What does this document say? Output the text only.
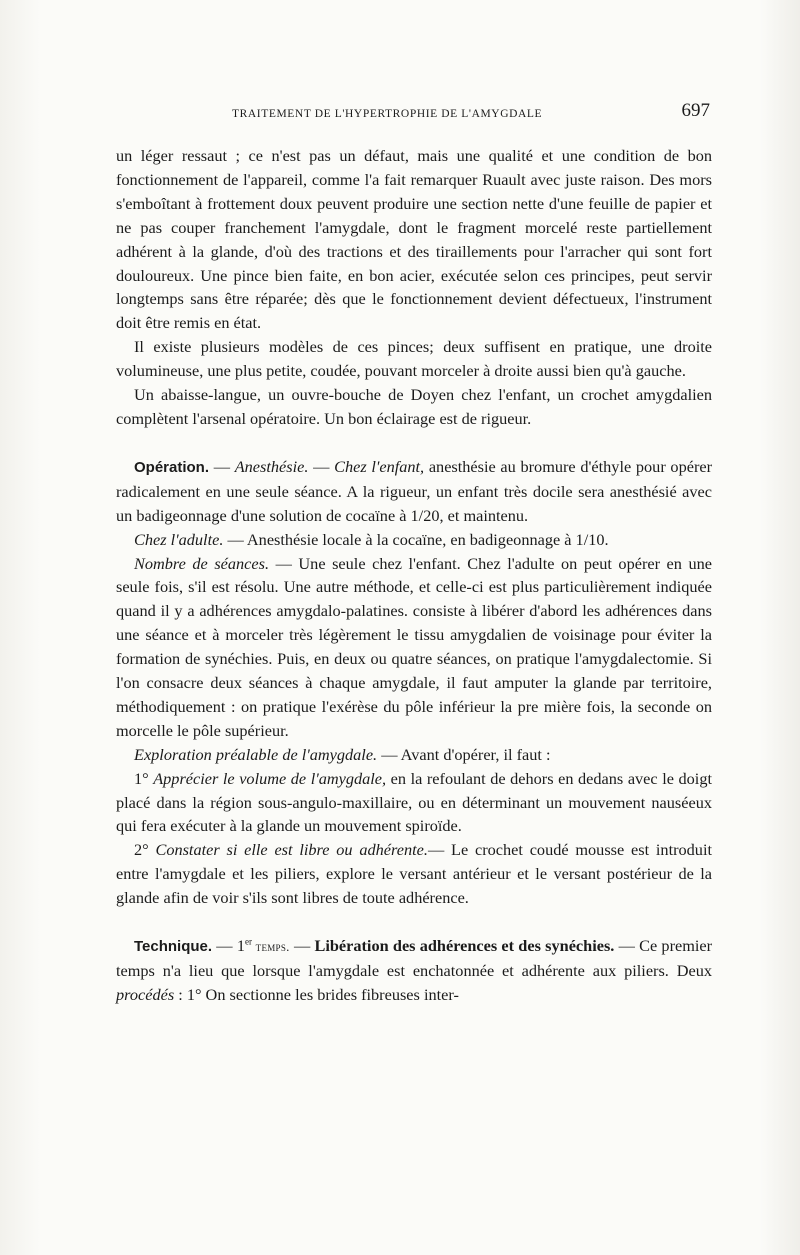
TRAITEMENT DE L'HYPERTROPHIE DE L'AMYGDALE	697

un léger ressaut ; ce n'est pas un défaut, mais une qualité et une condition de bon fonctionnement de l'appareil, comme l'a fait remarquer Ruault avec juste raison. Des mors s'emboîtant à frottement doux peuvent produire une section nette d'une feuille de papier et ne pas couper franchement l'amygdale, dont le fragment morcelé reste partiellement adhérent à la glande, d'où des tractions et des tiraillements pour l'arracher qui sont fort douloureux. Une pince bien faite, en bon acier, exécutée selon ces principes, peut servir longtemps sans être réparée; dès que le fonctionnement devient défectueux, l'instrument doit être remis en état.

Il existe plusieurs modèles de ces pinces; deux suffisent en pratique, une droite volumineuse, une plus petite, coudée, pouvant morceler à droite aussi bien qu'à gauche.

Un abaisse-langue, un ouvre-bouche de Doyen chez l'enfant, un crochet amygdalien complètent l'arsenal opératoire. Un bon éclairage est de rigueur.

Opération. — Anesthésie. — Chez l'enfant, anesthésie au bromure d'éthyle pour opérer radicalement en une seule séance. A la rigueur, un enfant très docile sera anesthésié avec un badigeonnage d'une solution de cocaïne à 1/20, et maintenu.

Chez l'adulte. — Anesthésie locale à la cocaïne, en badigeonnage à 1/10.

Nombre de séances. — Une seule chez l'enfant. Chez l'adulte on peut opérer en une seule fois, s'il est résolu. Une autre méthode, et celle-ci est plus particulièrement indiquée quand il y a adhérences amygdalo-palatines. consiste à libérer d'abord les adhérences dans une séance et à morceler très légèrement le tissu amygdalien de voisinage pour éviter la formation de synéchies. Puis, en deux ou quatre séances, on pratique l'amygdalectomie. Si l'on consacre deux séances à chaque amygdale, il faut amputer la glande par territoire, méthodiquement : on pratique l'exérèse du pôle inférieur la pre mière fois, la seconde on morcelle le pôle supérieur.

Exploration préalable de l'amygdale. — Avant d'opérer, il faut :

1° Apprécier le volume de l'amygdale, en la refoulant de dehors en dedans avec le doigt placé dans la région sous-angulo-maxillaire, ou en déterminant un mouvement nauséeux qui fera exécuter à la glande un mouvement spiroïde.

2° Constater si elle est libre ou adhérente.— Le crochet coudé mousse est introduit entre l'amygdale et les piliers, explore le versant antérieur et le versant postérieur de la glande afin de voir s'ils sont libres de toute adhérence.

Technique. — 1er temps. — Libération des adhérences et des synéchies. — Ce premier temps n'a lieu que lorsque l'amygdale est enchatonnée et adhérente aux piliers. Deux procédés : 1° On sectionne les brides fibreuses inter-
